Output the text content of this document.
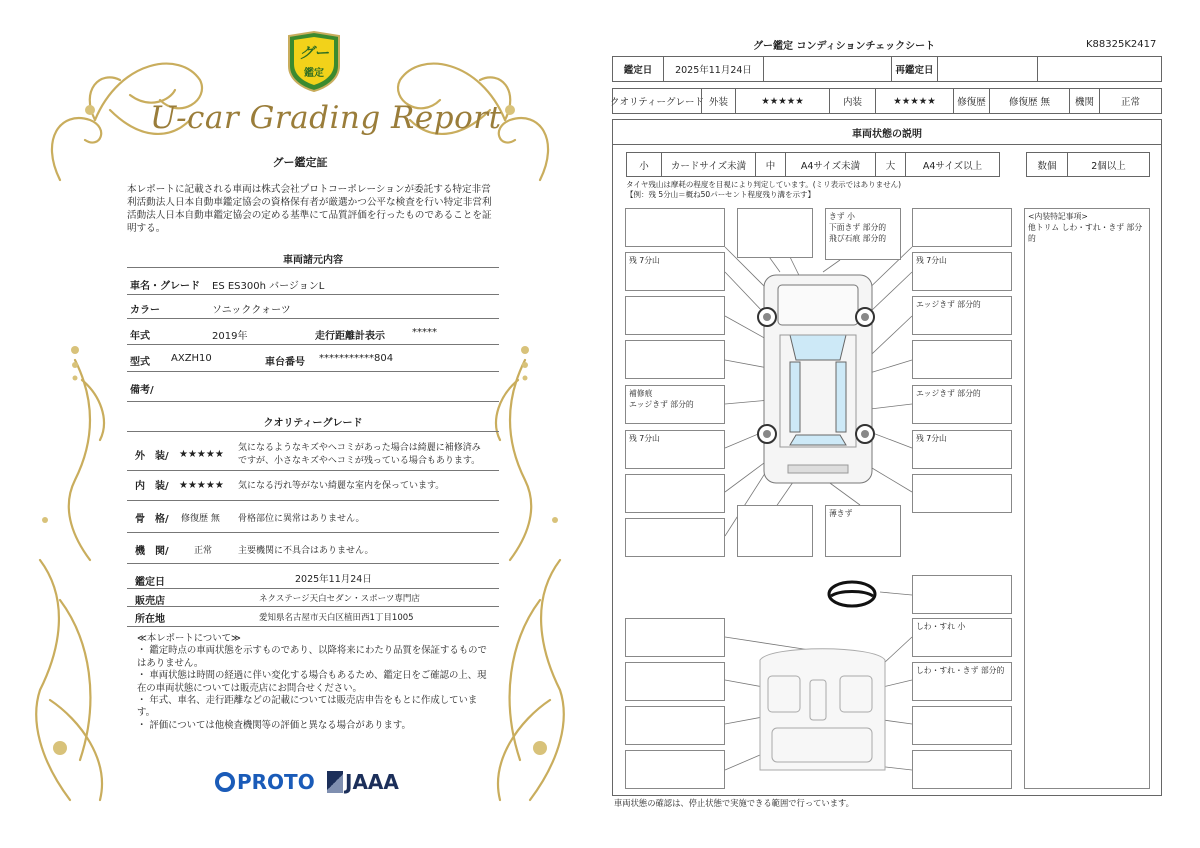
グー
鑑定
U-car Grading Report
グー鑑定証
本レポートに記載される車両は株式会社プロトコーポレーションが委託する特定非営利活動法人日本自動車鑑定協会の資格保有者が厳選かつ公平な検査を行い特定非営利活動法人日本自動車鑑定協会の定める基準にて品質評価を行ったものであることを証明する。
車両諸元内容
車名・グレード ES ES300h バージョンL
カラー	ソニッククォーツ
年式	2019年	走行距離計表示	*****
型式 AXZH10	車台番号 ***********804
備考/
クオリティーグレード
外　装/ ★★★★★
気になるようなキズやヘコミがあった場合は綺麗に補修済み
ですが、小さなキズやヘコミが残っている場合もあります。
内　装/ ★★★★★ 気になる汚れ等がない綺麗な室内を保っています。
骨　格/ 修復歴 無 骨格部位に異常はありません。
機　関/	正常	主要機関に不具合はありません。
鑑定日	2025年11月24日
販売店	ネクステージ天白セダン・スポーツ専門店
所在地	愛知県名古屋市天白区植田西1丁目1005
≪本レポートについて≫
・ 鑑定時点の車両状態を示すものであり、以降将来にわたり品質を保証するものではありません。
・ 車両状態は時間の経過に伴い変化する場合もあるため、鑑定日をご確認の上、現在の車両状態については販売店にお問合せください。
・ 年式、車名、走行距離などの記載については販売店申告をもとに作成しています。
・ 評価については他検査機関等の評価と異なる場合があります。
PROTO	JAAA
グー鑑定 コンディションチェックシート	K88325K2417
鑑定日	2025年11月24日	再鑑定日
クオリティーグレード 外装	★★★★★	内装	★★★★★	修復歴	修復歴 無	機関	正常
車両状態の説明
小	カードサイズ未満	中	A4サイズ未満	大	A4サイズ以上	数個	2個以上
タイヤ残山は摩耗の程度を目視により判定しています。(ミリ表示ではありません)
【例：残 5分山＝概ね50パーセント程度残り溝を示す】
きず 小
下面きず 部分的
飛び石痕 部分的
残 7分山	残 7分山
エッジきず 部分的
補修痕
エッジきず 部分的
エッジきず 部分的
残 7分山	残 7分山
薄きず
しわ・すれ 小
しわ・すれ・きず 部分的
<内装特記事項>
他トリム しわ・すれ・きず 部分的
車両状態の確認は、停止状態で実施できる範囲で行っています。
